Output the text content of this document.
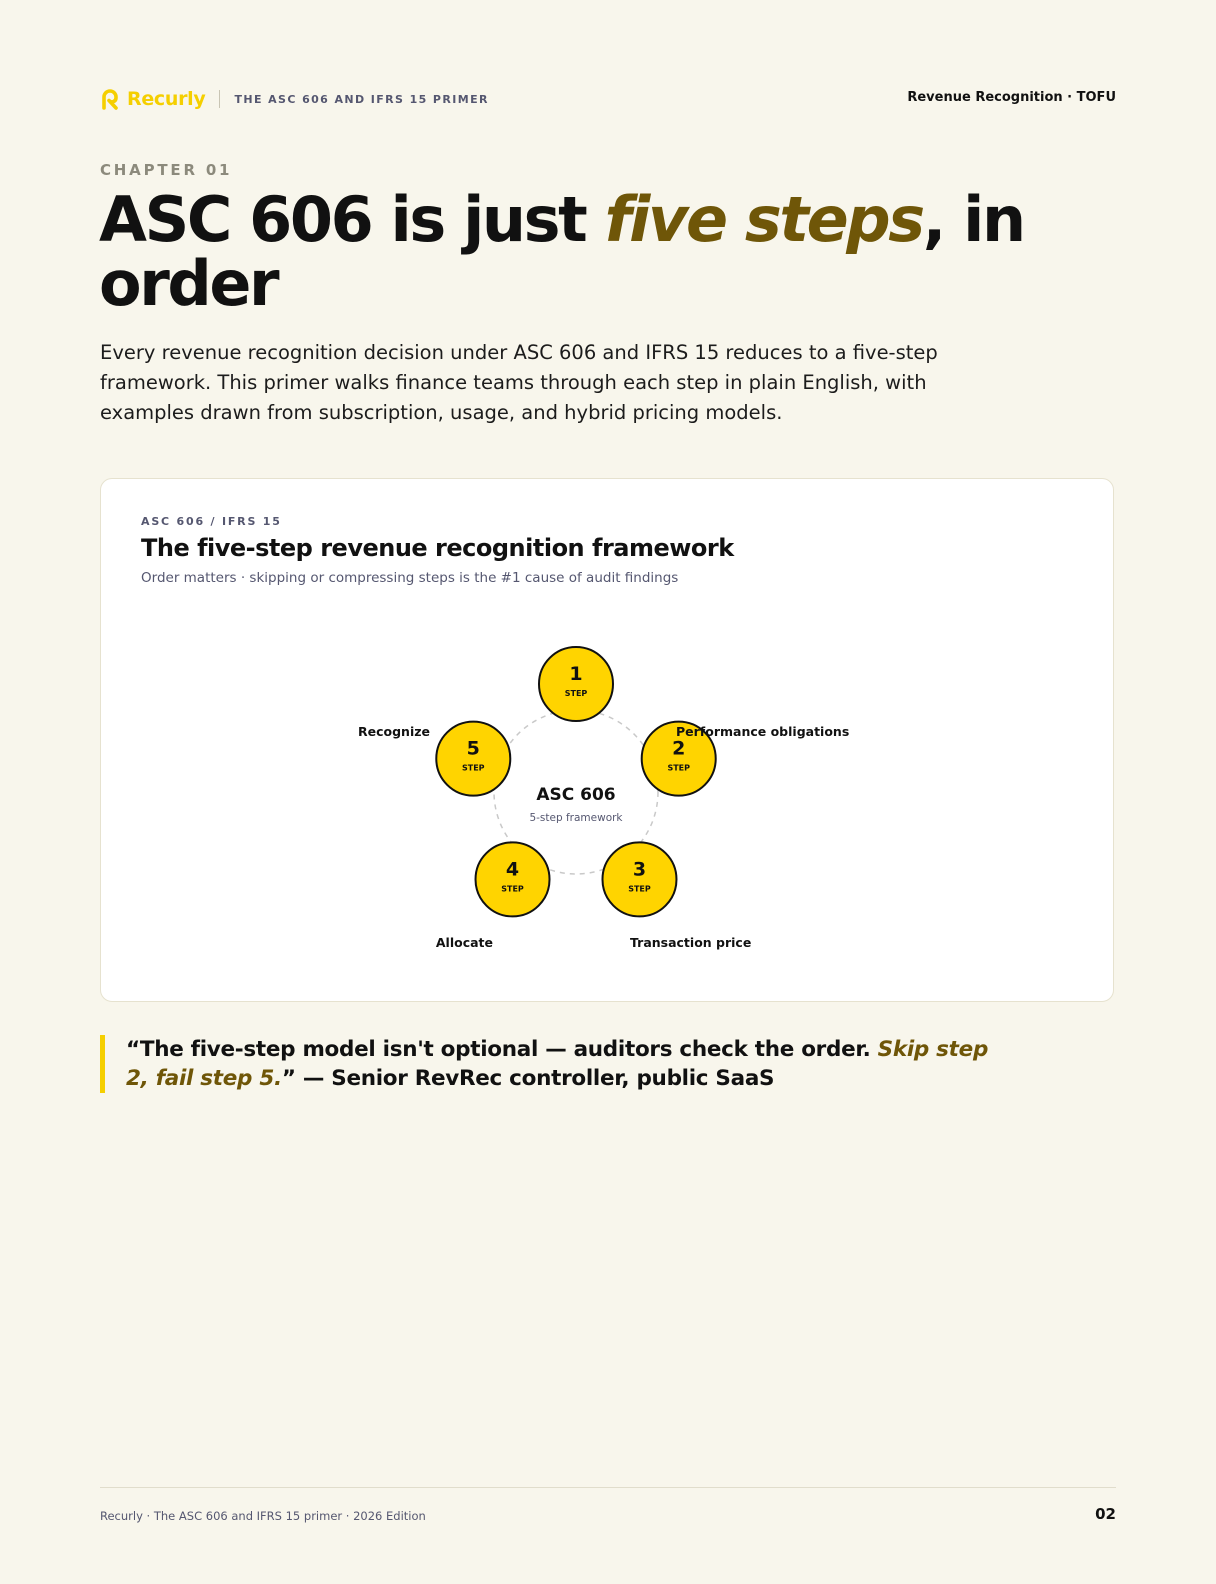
Recurly	THE ASC 606 AND IFRS 15 PRIMER	Revenue Recognition · TOFU
CHAPTER 01
ASC 606 is just five steps, in order

Every revenue recognition decision under ASC 606 and IFRS 15 reduces to a five-step framework. This primer walks finance teams through each step in plain English, with examples drawn from subscription, usage, and hybrid pricing models.

ASC 606 / IFRS 15
The five-step revenue recognition framework
Order matters · skipping or compressing steps is the #1 cause of audit findings
ASC 606
5-step framework
1
STEP
2
STEP
Performance obligations
3
STEP
Transaction price
4
STEP
Allocate
5
STEP
Recognize
“The five-step model isn't optional — auditors check the order. Skip step 2, fail step 5.” — Senior RevRec controller, public SaaS
Recurly · The ASC 606 and IFRS 15 primer · 2026 Edition	02
